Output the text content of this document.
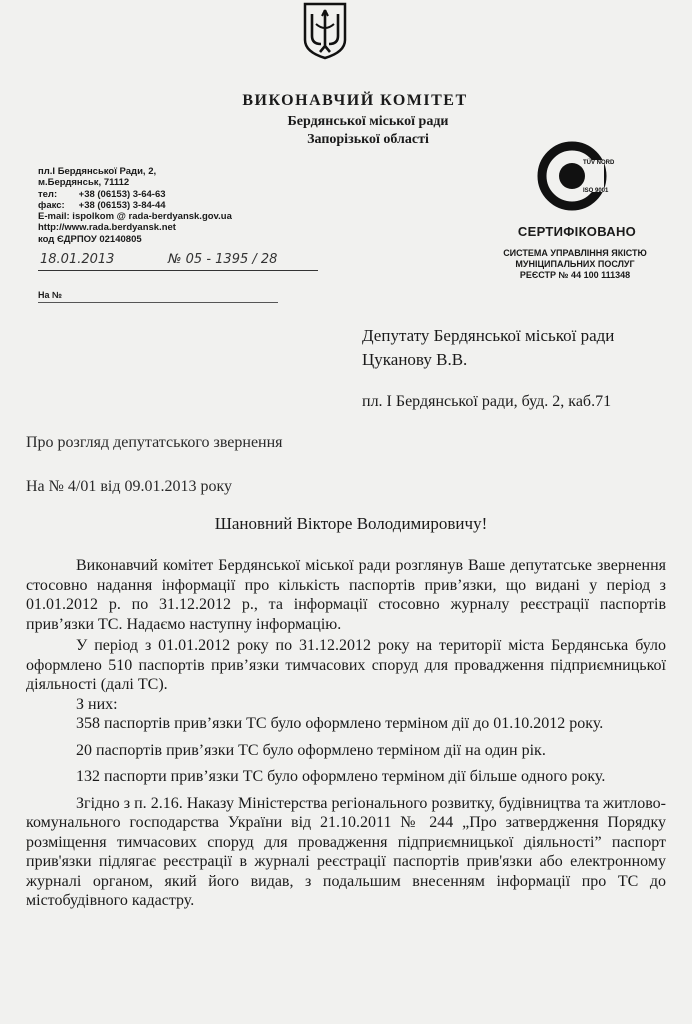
ВИКОНАВЧИЙ КОМІТЕТ
Бердянської міської ради
Запорізької області
пл.І Бердянської Ради, 2,
м.Бердянськ, 71112
тел: +38 (06153) 3-64-63
факс: +38 (06153) 3-84-44
E-mail: ispolkom @ rada-berdyansk.gov.ua
http://www.rada.berdyansk.net
код ЄДРПОУ 02140805
18.01.2013	№ 05 - 1395 / 28
На №
TÜV NORD
ISO 9001
СЕРТИФІКОВАНО
СИСТЕМА УПРАВЛІННЯ ЯКІСТЮ
МУНІЦИПАЛЬНИХ ПОСЛУГ
РЕЄСТР № 44 100 111348
Депутату Бердянської міської ради
Цуканову В.В.
пл. І Бердянської ради, буд. 2, каб.71
Про розгляд депутатського звернення
На № 4/01 від 09.01.2013 року
Шановний Вікторе Володимировичу!

Виконавчий комітет Бердянської міської ради розглянув Ваше депутатське звернення стосовно надання інформації про кількість паспортів прив’язки, що видані у період з 01.01.2012 р. по 31.12.2012 р., та інформації стосовно журналу реєстрації паспортів прив’язки ТС. Надаємо наступну інформацію.

У період з 01.01.2012 року по 31.12.2012 року на території міста Бердянська було оформлено 510 паспортів прив’язки тимчасових споруд для провадження підприємницької діяльності (далі ТС).

З них:

358 паспортів прив’язки ТС було оформлено терміном дії до 01.10.2012 року.

20 паспортів прив’язки ТС було оформлено терміном дії на один рік.

132 паспорти прив’язки ТС було оформлено терміном дії більше одного року.

Згідно з п. 2.16. Наказу Міністерства регіонального розвитку, будівництва та житлово-комунального господарства України від 21.10.2011 № 244 „Про затвердження Порядку розміщення тимчасових споруд для провадження підприємницької діяльності” паспорт прив'язки підлягає реєстрації в журналі реєстрації паспортів прив'язки або електронному журналі органом, який його видав, з подальшим внесенням інформації про ТС до містобудівного кадастру.
